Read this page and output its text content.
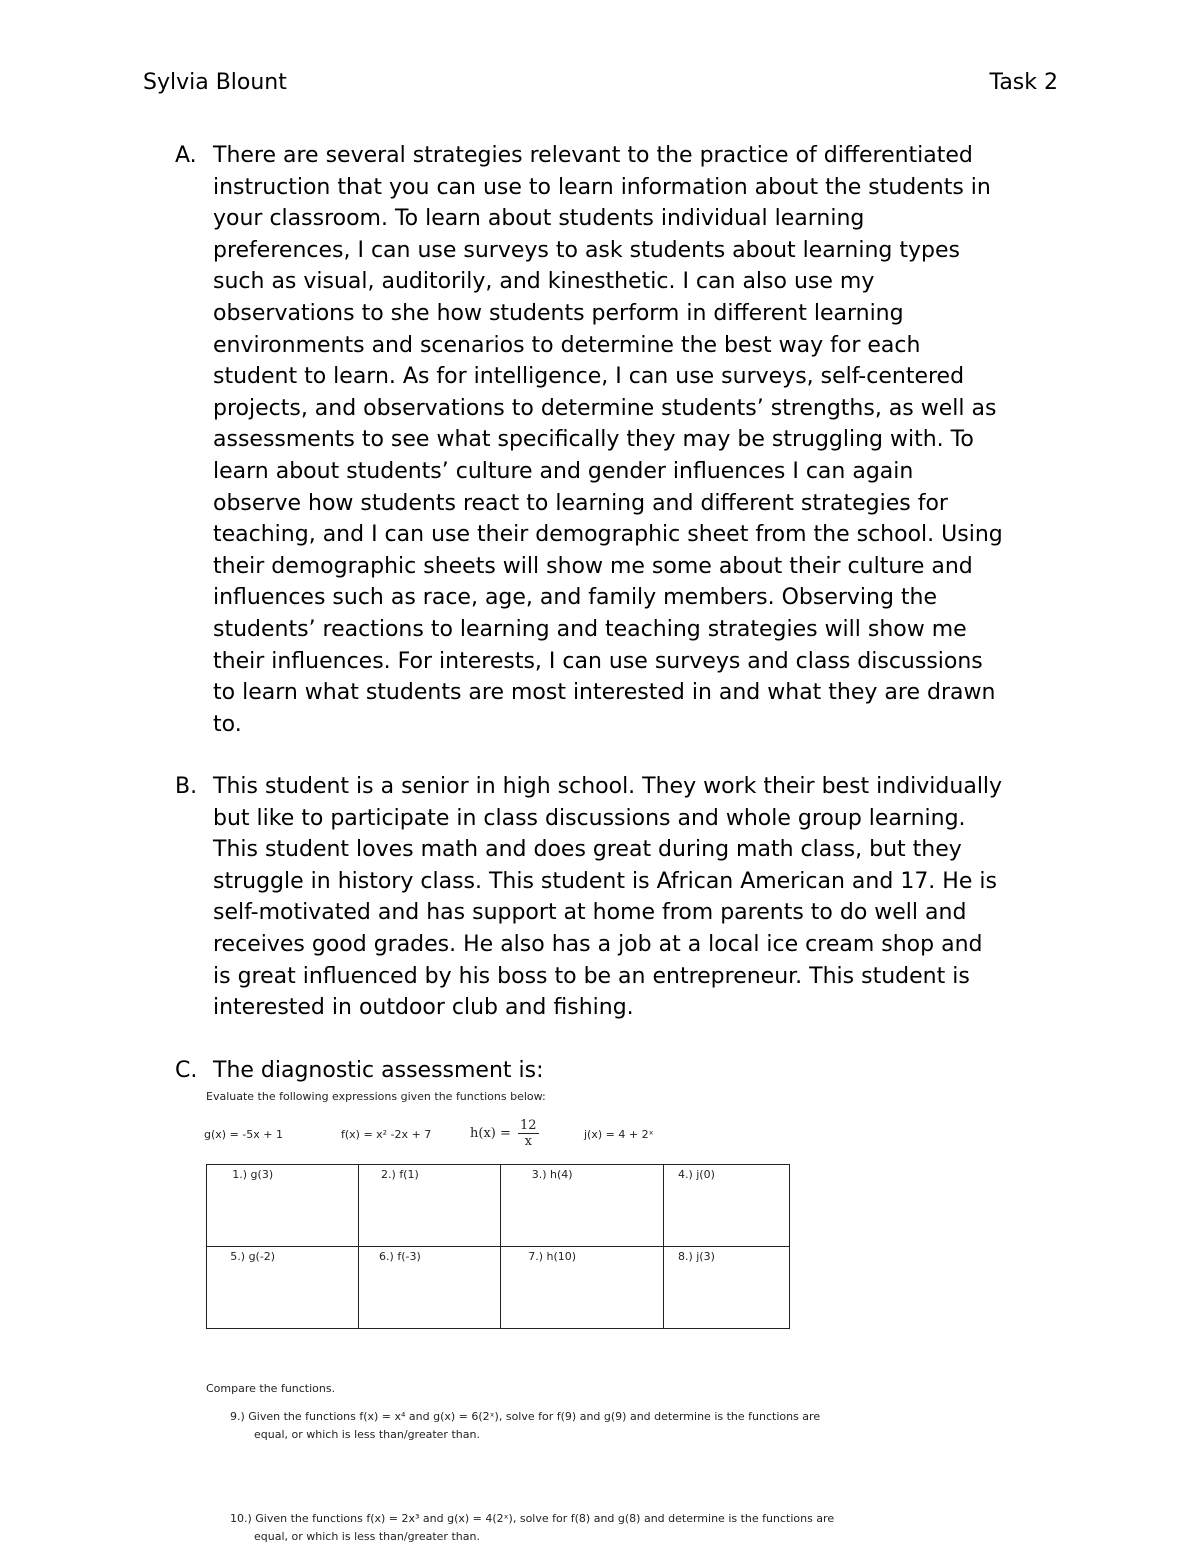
Sylvia Blount	Task 2
A. There are several strategies relevant to the practice of differentiated
instruction that you can use to learn information about the students in
your classroom. To learn about students individual learning
preferences, I can use surveys to ask students about learning types
such as visual, auditorily, and kinesthetic. I can also use my
observations to she how students perform in different learning
environments and scenarios to determine the best way for each
student to learn. As for intelligence, I can use surveys, self-centered
projects, and observations to determine students’ strengths, as well as
assessments to see what specifically they may be struggling with. To
learn about students’ culture and gender influences I can again
observe how students react to learning and different strategies for
teaching, and I can use their demographic sheet from the school. Using
their demographic sheets will show me some about their culture and
influences such as race, age, and family members. Observing the
students’ reactions to learning and teaching strategies will show me
their influences. For interests, I can use surveys and class discussions
to learn what students are most interested in and what they are drawn
to.
B. This student is a senior in high school. They work their best individually
but like to participate in class discussions and whole group learning.
This student loves math and does great during math class, but they
struggle in history class. This student is African American and 17. He is
self-motivated and has support at home from parents to do well and
receives good grades. He also has a job at a local ice cream shop and
is great influenced by his boss to be an entrepreneur. This student is
interested in outdoor club and fishing.
C. The diagnostic assessment is:
Evaluate the following expressions given the functions below:
g(x) = -5x + 1	f(x) = x² -2x + 7	$h(x) = \frac{12}{x}$	j(x) = 4 + 2ˣ
1.) g(3)	2.) f(1)	3.) h(4)	4.) j(0)
5.) g(-2)	6.) f(-3)	7.) h(10)	8.) j(3)
Compare the functions.
9.) Given the functions f(x) = x⁴ and g(x) = 6(2ˣ), solve for f(9) and g(9) and determine is the functions are
equal, or which is less than/greater than.
10.) Given the functions f(x) = 2x³ and g(x) = 4(2ˣ), solve for f(8) and g(8) and determine is the functions are
equal, or which is less than/greater than.
